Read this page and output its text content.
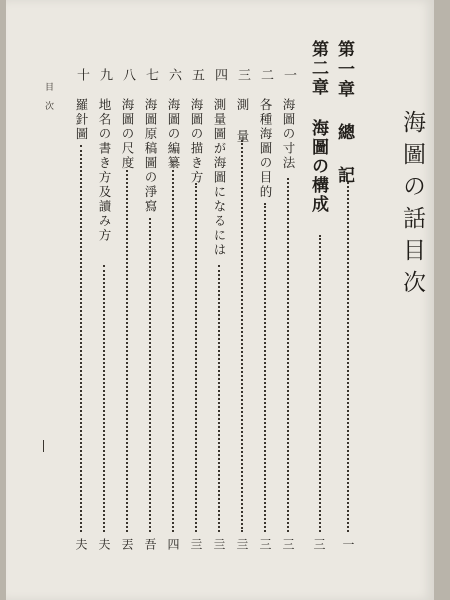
海圖の話目次
第一章 總 記
一
第二章 海圖の構成
三
一
海圖の寸法
三
二
各種海圖の目的
三
三
測 量
亖
四
測量圖が海圖になるには
亖
五
海圖の描き方
亖
六
海圖の編纂
四
七
海圖原稿圖の淨寫
吾
八
海圖の尺度
丟
九
地名の書き方及讀み方
夫
十
羅針圖
夫
目 次
